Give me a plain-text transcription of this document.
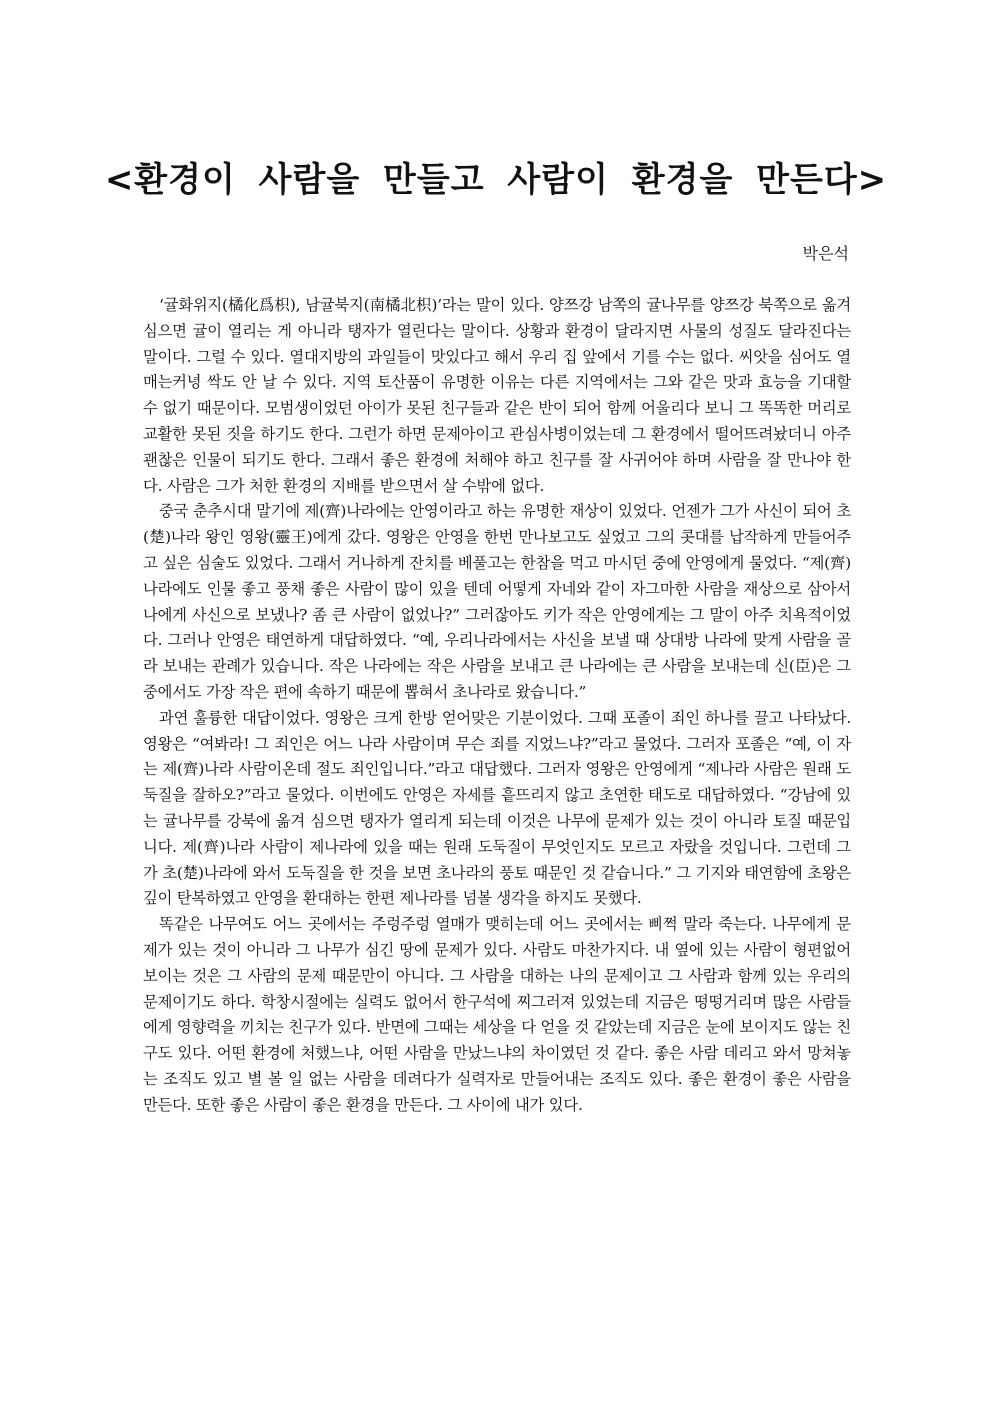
<환경이 사람을 만들고 사람이 환경을 만든다>

박은석

‘귤화위지(橘化爲枳), 남귤북지(南橘北枳)’라는 말이 있다. 양쯔강 남쪽의 귤나무를 양쯔강 북쪽으로 옮겨 심으면 귤이 열리는 게 아니라 탱자가 열린다는 말이다. 상황과 환경이 달라지면 사물의 성질도 달라진다는 말이다. 그럴 수 있다. 열대지방의 과일들이 맛있다고 해서 우리 집 앞에서 기를 수는 없다. 씨앗을 심어도 열매는커녕 싹도 안 날 수 있다. 지역 토산품이 유명한 이유는 다른 지역에서는 그와 같은 맛과 효능을 기대할 수 없기 때문이다. 모범생이었던 아이가 못된 친구들과 같은 반이 되어 함께 어울리다 보니 그 똑똑한 머리로 교활한 못된 짓을 하기도 한다. 그런가 하면 문제아이고 관심사병이었는데 그 환경에서 떨어뜨려놨더니 아주 괜찮은 인물이 되기도 한다. 그래서 좋은 환경에 처해야 하고 친구를 잘 사귀어야 하며 사람을 잘 만나야 한다. 사람은 그가 처한 환경의 지배를 받으면서 살 수밖에 없다.

중국 춘추시대 말기에 제(齊)나라에는 안영이라고 하는 유명한 재상이 있었다. 언젠가 그가 사신이 되어 초(楚)나라 왕인 영왕(靈王)에게 갔다. 영왕은 안영을 한번 만나보고도 싶었고 그의 콧대를 납작하게 만들어주고 싶은 심술도 있었다. 그래서 거나하게 잔치를 베풀고는 한참을 먹고 마시던 중에 안영에게 물었다. “제(齊)나라에도 인물 좋고 풍채 좋은 사람이 많이 있을 텐데 어떻게 자네와 같이 자그마한 사람을 재상으로 삼아서 나에게 사신으로 보냈나? 좀 큰 사람이 없었나?” 그러잖아도 키가 작은 안영에게는 그 말이 아주 치욕적이었다. 그러나 안영은 태연하게 대답하였다. “예, 우리나라에서는 사신을 보낼 때 상대방 나라에 맞게 사람을 골라 보내는 관례가 있습니다. 작은 나라에는 작은 사람을 보내고 큰 나라에는 큰 사람을 보내는데 신(臣)은 그중에서도 가장 작은 편에 속하기 때문에 뽑혀서 초나라로 왔습니다.”

과연 훌륭한 대답이었다. 영왕은 크게 한방 얻어맞은 기분이었다. 그때 포졸이 죄인 하나를 끌고 나타났다. 영왕은 “여봐라! 그 죄인은 어느 나라 사람이며 무슨 죄를 지었느냐?”라고 물었다. 그러자 포졸은 “예, 이 자는 제(齊)나라 사람이온데 절도 죄인입니다.”라고 대답했다. 그러자 영왕은 안영에게 “제나라 사람은 원래 도둑질을 잘하오?”라고 물었다. 이번에도 안영은 자세를 흩뜨리지 않고 초연한 태도로 대답하였다. “강남에 있는 귤나무를 강북에 옮겨 심으면 탱자가 열리게 되는데 이것은 나무에 문제가 있는 것이 아니라 토질 때문입니다. 제(齊)나라 사람이 제나라에 있을 때는 원래 도둑질이 무엇인지도 모르고 자랐을 것입니다. 그런데 그가 초(楚)나라에 와서 도둑질을 한 것을 보면 초나라의 풍토 때문인 것 같습니다.” 그 기지와 태연함에 초왕은 깊이 탄복하였고 안영을 환대하는 한편 제나라를 넘볼 생각을 하지도 못했다.

똑같은 나무여도 어느 곳에서는 주렁주렁 열매가 맺히는데 어느 곳에서는 삐쩍 말라 죽는다. 나무에게 문제가 있는 것이 아니라 그 나무가 심긴 땅에 문제가 있다. 사람도 마찬가지다. 내 옆에 있는 사람이 형편없어 보이는 것은 그 사람의 문제 때문만이 아니다. 그 사람을 대하는 나의 문제이고 그 사람과 함께 있는 우리의 문제이기도 하다. 학창시절에는 실력도 없어서 한구석에 찌그러져 있었는데 지금은 떵떵거리며 많은 사람들에게 영향력을 끼치는 친구가 있다. 반면에 그때는 세상을 다 얻을 것 같았는데 지금은 눈에 보이지도 않는 친구도 있다. 어떤 환경에 처했느냐, 어떤 사람을 만났느냐의 차이였던 것 같다. 좋은 사람 데리고 와서 망쳐놓는 조직도 있고 별 볼 일 없는 사람을 데려다가 실력자로 만들어내는 조직도 있다. 좋은 환경이 좋은 사람을 만든다. 또한 좋은 사람이 좋은 환경을 만든다. 그 사이에 내가 있다.
